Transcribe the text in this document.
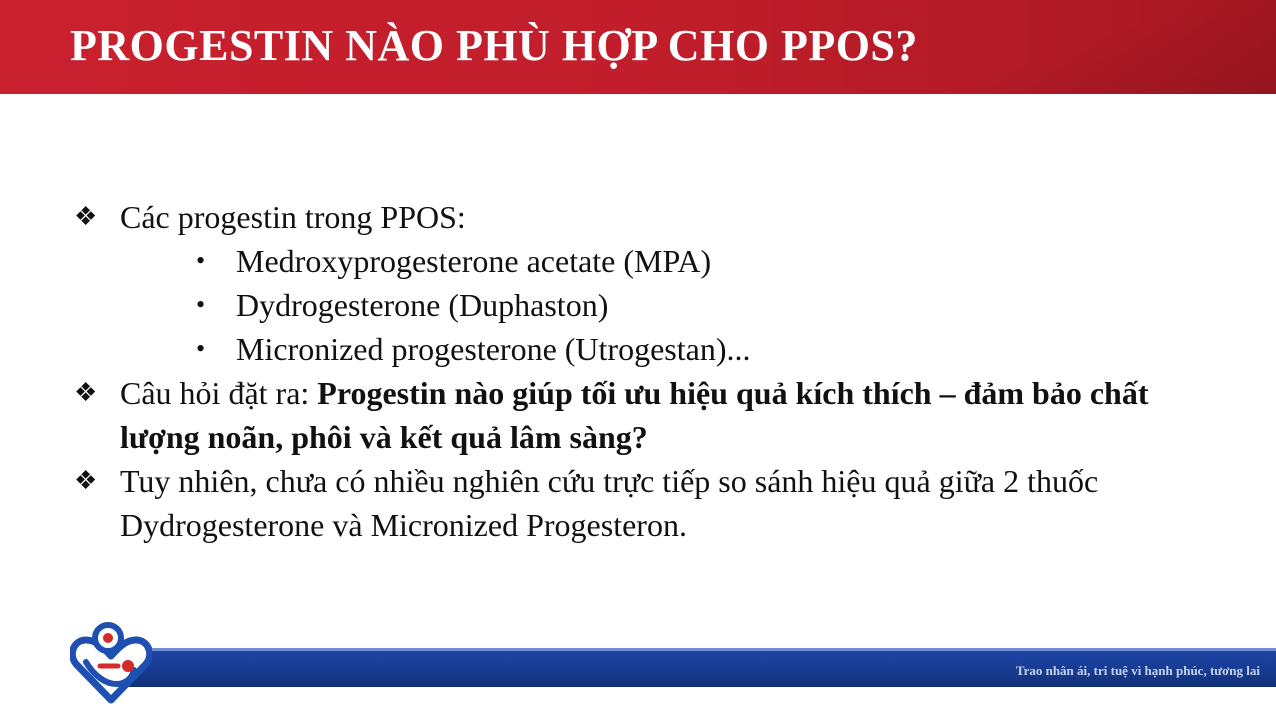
PROGESTIN NÀO PHÙ HỢP CHO PPOS?
❖ Các progestin trong PPOS:
• Medroxyprogesterone acetate (MPA)
• Dydrogesterone (Duphaston)
• Micronized progesterone (Utrogestan)...
❖ Câu hỏi đặt ra: Progestin nào giúp tối ưu hiệu quả kích thích – đảm bảo chất lượng noãn, phôi và kết quả lâm sàng?
❖ Tuy nhiên, chưa có nhiều nghiên cứu trực tiếp so sánh hiệu quả giữa 2 thuốc Dydrogesterone và Micronized Progesteron.
Trao nhân ái, tri tuệ vì hạnh phúc, tương lai
